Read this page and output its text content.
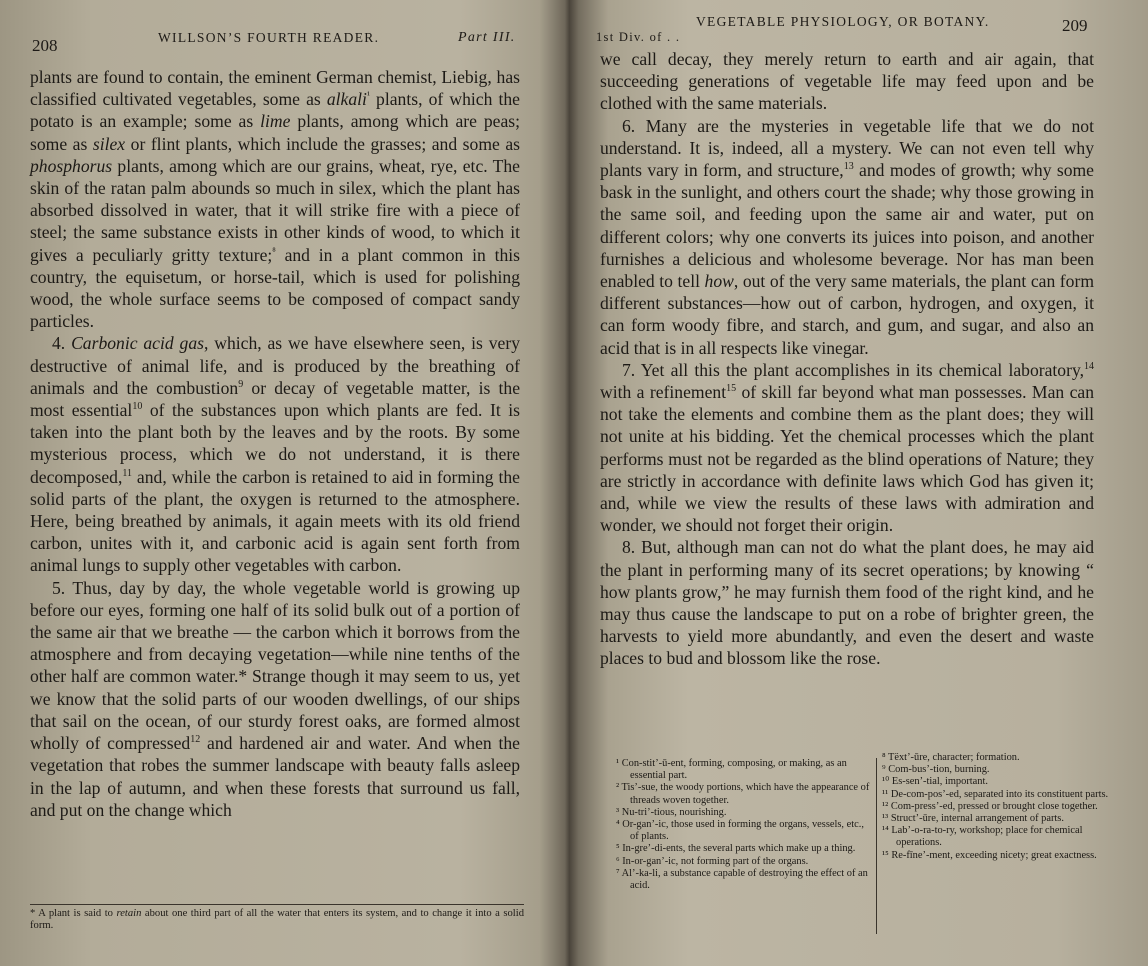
208	WILLSON’S FOURTH READER.	Part III.

plants are found to contain, the eminent German chemist, Liebig, has classified cultivated vegetables, some as alkali$^{^1}$ plants, of which the potato is an example; some as lime plants, among which are peas; some as silex or flint plants, which include the grasses; and some as phosphorus plants, among which are our grains, wheat, rye, etc. The skin of the ratan palm abounds so much in silex, which the plant has absorbed dissolved in water, that it will strike fire with a piece of steel; the same substance exists in other kinds of wood, to which it gives a peculiarly gritty texture;$^{^8}$ and in a plant common in this country, the equisetum, or horse-tail, which is used for polishing wood, the whole surface seems to be composed of compact sandy particles.

4. Carbonic acid gas, which, as we have elsewhere seen, is very destructive of animal life, and is produced by the breathing of animals and the combustion$^9$ or decay of vegetable matter, is the most essential$^{10}$ of the substances upon which plants are fed. It is taken into the plant both by the leaves and by the roots. By some mysterious process, which we do not understand, it is there decomposed,$^{11}$ and, while the carbon is retained to aid in forming the solid parts of the plant, the oxygen is returned to the atmosphere. Here, being breathed by animals, it again meets with its old friend carbon, unites with it, and carbonic acid is again sent forth from animal lungs to supply other vegetables with carbon.

5. Thus, day by day, the whole vegetable world is growing up before our eyes, forming one half of its solid bulk out of a portion of the same air that we breathe — the carbon which it borrows from the atmosphere and from decaying vegetation—while nine tenths of the other half are common water.* Strange though it may seem to us, yet we know that the solid parts of our wooden dwellings, of our ships that sail on the ocean, of our sturdy forest oaks, are formed almost wholly of compressed$^{12}$ and hardened air and water. And when the vegetation that robes the summer landscape with beauty falls asleep in the lap of autumn, and when these forests that surround us fall, and put on the change which

* A plant is said to retain about one third part of all the water that enters its system, and to change it into a solid form.
1st Div. of . .
VEGETABLE PHYSIOLOGY, OR BOTANY.	209

we call decay, they merely return to earth and air again, that succeeding generations of vegetable life may feed upon and be clothed with the same materials.

6. Many are the mysteries in vegetable life that we do not understand. It is, indeed, all a mystery. We can not even tell why plants vary in form, and structure,$^{13}$ and modes of growth; why some bask in the sunlight, and others court the shade; why those growing in the same soil, and feeding upon the same air and water, put on different colors; why one converts its juices into poison, and another furnishes a delicious and wholesome beverage. Nor has man been enabled to tell how, out of the very same materials, the plant can form different substances—how out of carbon, hydrogen, and oxygen, it can form woody fibre, and starch, and gum, and sugar, and also an acid that is in all respects like vinegar.

7. Yet all this the plant accomplishes in its chemical laboratory,$^{14}$ with a refinement$^{15}$ of skill far beyond what man possesses. Man can not take the elements and combine them as the plant does; they will not unite at his bidding. Yet the chemical processes which the plant performs must not be regarded as the blind operations of Nature; they are strictly in accordance with definite laws which God has given it; and, while we view the results of these laws with admiration and wonder, we should not forget their origin.

8. But, although man can not do what the plant does, he may aid the plant in performing many of its secret operations; by knowing “ how plants grow,” he may furnish them food of the right kind, and he may thus cause the landscape to put on a robe of brighter green, the harvests to yield more abundantly, and even the desert and waste places to bud and blossom like the rose.

¹ Con-stit’-ū-ent, forming, composing, or making, as an essential part.

² Tis’-sue, the woody portions, which have the appearance of threads woven together.

³ Nu-tri’-tious, nourishing.

⁴ Or-gan’-ic, those used in forming the organs, vessels, etc., of plants.

⁵ In-gre’-di-ents, the several parts which make up a thing.

⁶ In-or-gan’-ic, not forming part of the organs.

⁷ Al’-ka-li, a substance capable of destroying the effect of an acid.

⁸ Tëxt’-ūre, character; formation.

⁹ Com-bus’-tion, burning.

¹⁰ Es-sen’-tial, important.

¹¹ De-com-pos’-ed, separated into its constituent parts.

¹² Com-press’-ed, pressed or brought close together.

¹³ Struct’-ūre, internal arrangement of parts.

¹⁴ Lab’-o-ra-to-ry, workshop; place for chemical operations.

¹⁵ Re-fīne’-ment, exceeding nicety; great exactness.
